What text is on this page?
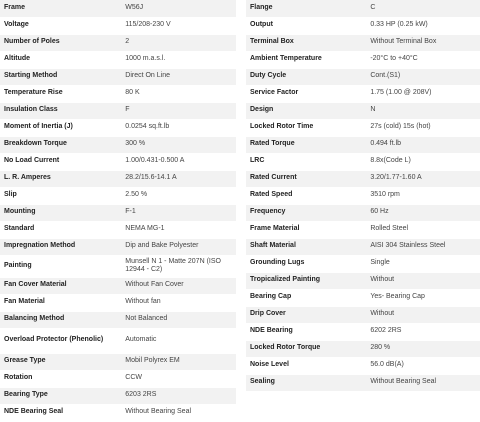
Frame	W56J
Voltage	115/208-230 V
Number of Poles	2
Altitude	1000 m.a.s.l.
Starting Method	Direct On Line
Temperature Rise	80 K
Insulation Class	F
Moment of Inertia (J)	0.0254 sq.ft.lb
Breakdown Torque	300 %
No Load Current	1.00/0.431-0.500 A
L. R. Amperes	28.2/15.6-14.1 A
Slip	2.50 %
Mounting	F-1
Standard	NEMA MG-1
Impregnation Method	Dip and Bake Polyester
Painting	Munsell N 1 - Matte 207N (ISO 12944 - C2)
Fan Cover Material	Without Fan Cover
Fan Material	Without fan
Balancing Method	Not Balanced
Overload Protector (Phenolic)	Automatic
Grease Type	Mobil Polyrex EM
Rotation	CCW
Bearing Type	6203 2RS
NDE Bearing Seal	Without Bearing Seal
Flange	C
Output	0.33 HP (0.25 kW)
Terminal Box	Without Terminal Box
Ambient Temperature	-20°C to +40°C
Duty Cycle	Cont.(S1)
Service Factor	1.75 (1.00 @ 208V)
Design	N
Locked Rotor Time	27s (cold) 15s (hot)
Rated Torque	0.494 ft.lb
LRC	8.8x(Code L)
Rated Current	3.20/1.77-1.60 A
Rated Speed	3510 rpm
Frequency	60 Hz
Frame Material	Rolled Steel
Shaft Material	AISI 304 Stainless Steel
Grounding Lugs	Single
Tropicalized Painting	Without
Bearing Cap	Yes- Bearing Cap
Drip Cover	Without
NDE Bearing	6202 2RS
Locked Rotor Torque	280 %
Noise Level	56.0 dB(A)
Sealing	Without Bearing Seal
